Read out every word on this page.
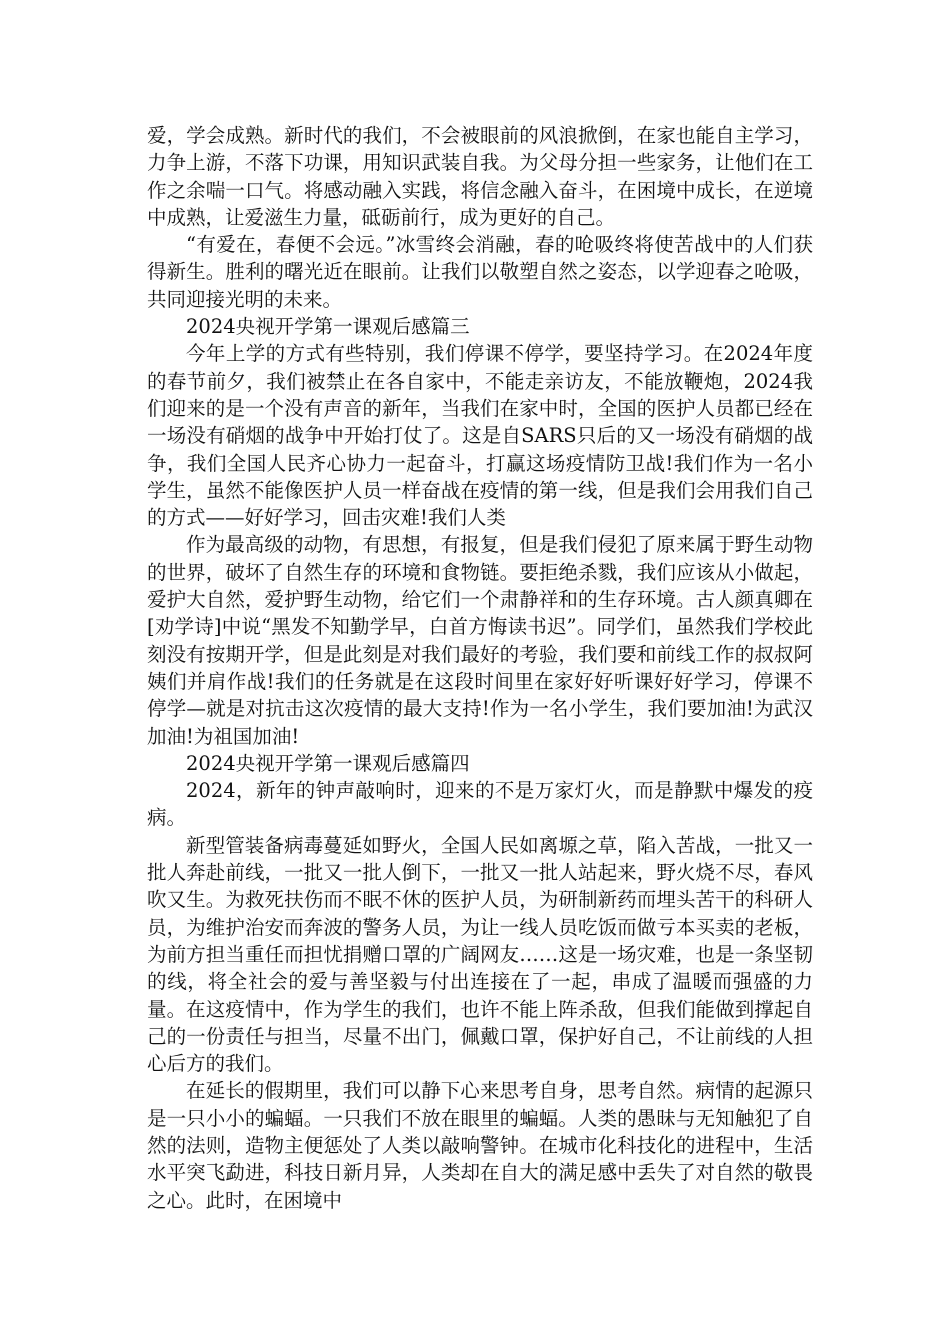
爱，学会成熟。新时代的我们，不会被眼前的风浪掀倒，在家也能自主学习，力争上游，不落下功课，用知识武装自我。为父母分担一些家务，让他们在工作之余喘一口气。将感动融入实践，将信念融入奋斗，在困境中成长，在逆境中成熟，让爱滋生力量，砥砺前行，成为更好的自己。

“有爱在，春便不会远。”冰雪终会消融，春的呛吸终将使苦战中的人们获得新生。胜利的曙光近在眼前。让我们以敬塑自然之姿态，以学迎春之呛吸，共同迎接光明的未来。

2024央视开学第一课观后感篇三

今年上学的方式有些特别，我们停课不停学，要坚持学习。在2024年度的春节前夕，我们被禁止在各自家中，不能走亲访友，不能放鞭炮，2024我们迎来的是一个没有声音的新年，当我们在家中时，全国的医护人员都已经在一场没有硝烟的战争中开始打仗了。这是自SARS只后的又一场没有硝烟的战争，我们全国人民齐心协力一起奋斗，打赢这场疫情防卫战!我们作为一名小学生，虽然不能像医护人员一样奋战在疫情的第一线，但是我们会用我们自己的方式——好好学习，回击灾难!我们人类

作为最高级的动物，有思想，有报复，但是我们侵犯了原来属于野生动物的世界，破坏了自然生存的环境和食物链。要拒绝杀戮，我们应该从小做起，爱护大自然，爱护野生动物，给它们一个肃静祥和的生存环境。古人颜真卿在[劝学诗]中说“黑发不知勤学早，白首方悔读书迟”。同学们，虽然我们学校此刻没有按期开学，但是此刻是对我们最好的考验，我们要和前线工作的叔叔阿姨们并肩作战!我们的任务就是在这段时间里在家好好听课好好学习，停课不停学—就是对抗击这次疫情的最大支持!作为一名小学生，我们要加油!为武汉加油!为祖国加油!

2024央视开学第一课观后感篇四

2024，新年的钟声敲响时，迎来的不是万家灯火，而是静默中爆发的疫病。

新型管装备病毒蔓延如野火，全国人民如离塬之草，陷入苦战，一批又一批人奔赴前线，一批又一批人倒下，一批又一批人站起来，野火烧不尽，春风吹又生。为救死扶伤而不眠不休的医护人员，为研制新药而埋头苦干的科研人员，为维护治安而奔波的警务人员，为让一线人员吃饭而做亏本买卖的老板，为前方担当重任而担忧捐赠口罩的广阔网友……这是一场灾难，也是一条坚韧的线，将全社会的爱与善坚毅与付出连接在了一起，串成了温暖而强盛的力量。在这疫情中，作为学生的我们，也许不能上阵杀敌，但我们能做到撑起自己的一份责任与担当，尽量不出门，佩戴口罩，保护好自己，不让前线的人担心后方的我们。

在延长的假期里，我们可以静下心来思考自身，思考自然。病情的起源只是一只小小的蝙蝠。一只我们不放在眼里的蝙蝠。人类的愚昧与无知触犯了自然的法则，造物主便惩处了人类以敲响警钟。在城市化科技化的进程中，生活水平突飞勐进，科技日新月异，人类却在自大的满足感中丢失了对自然的敬畏之心。此时，在困境中
